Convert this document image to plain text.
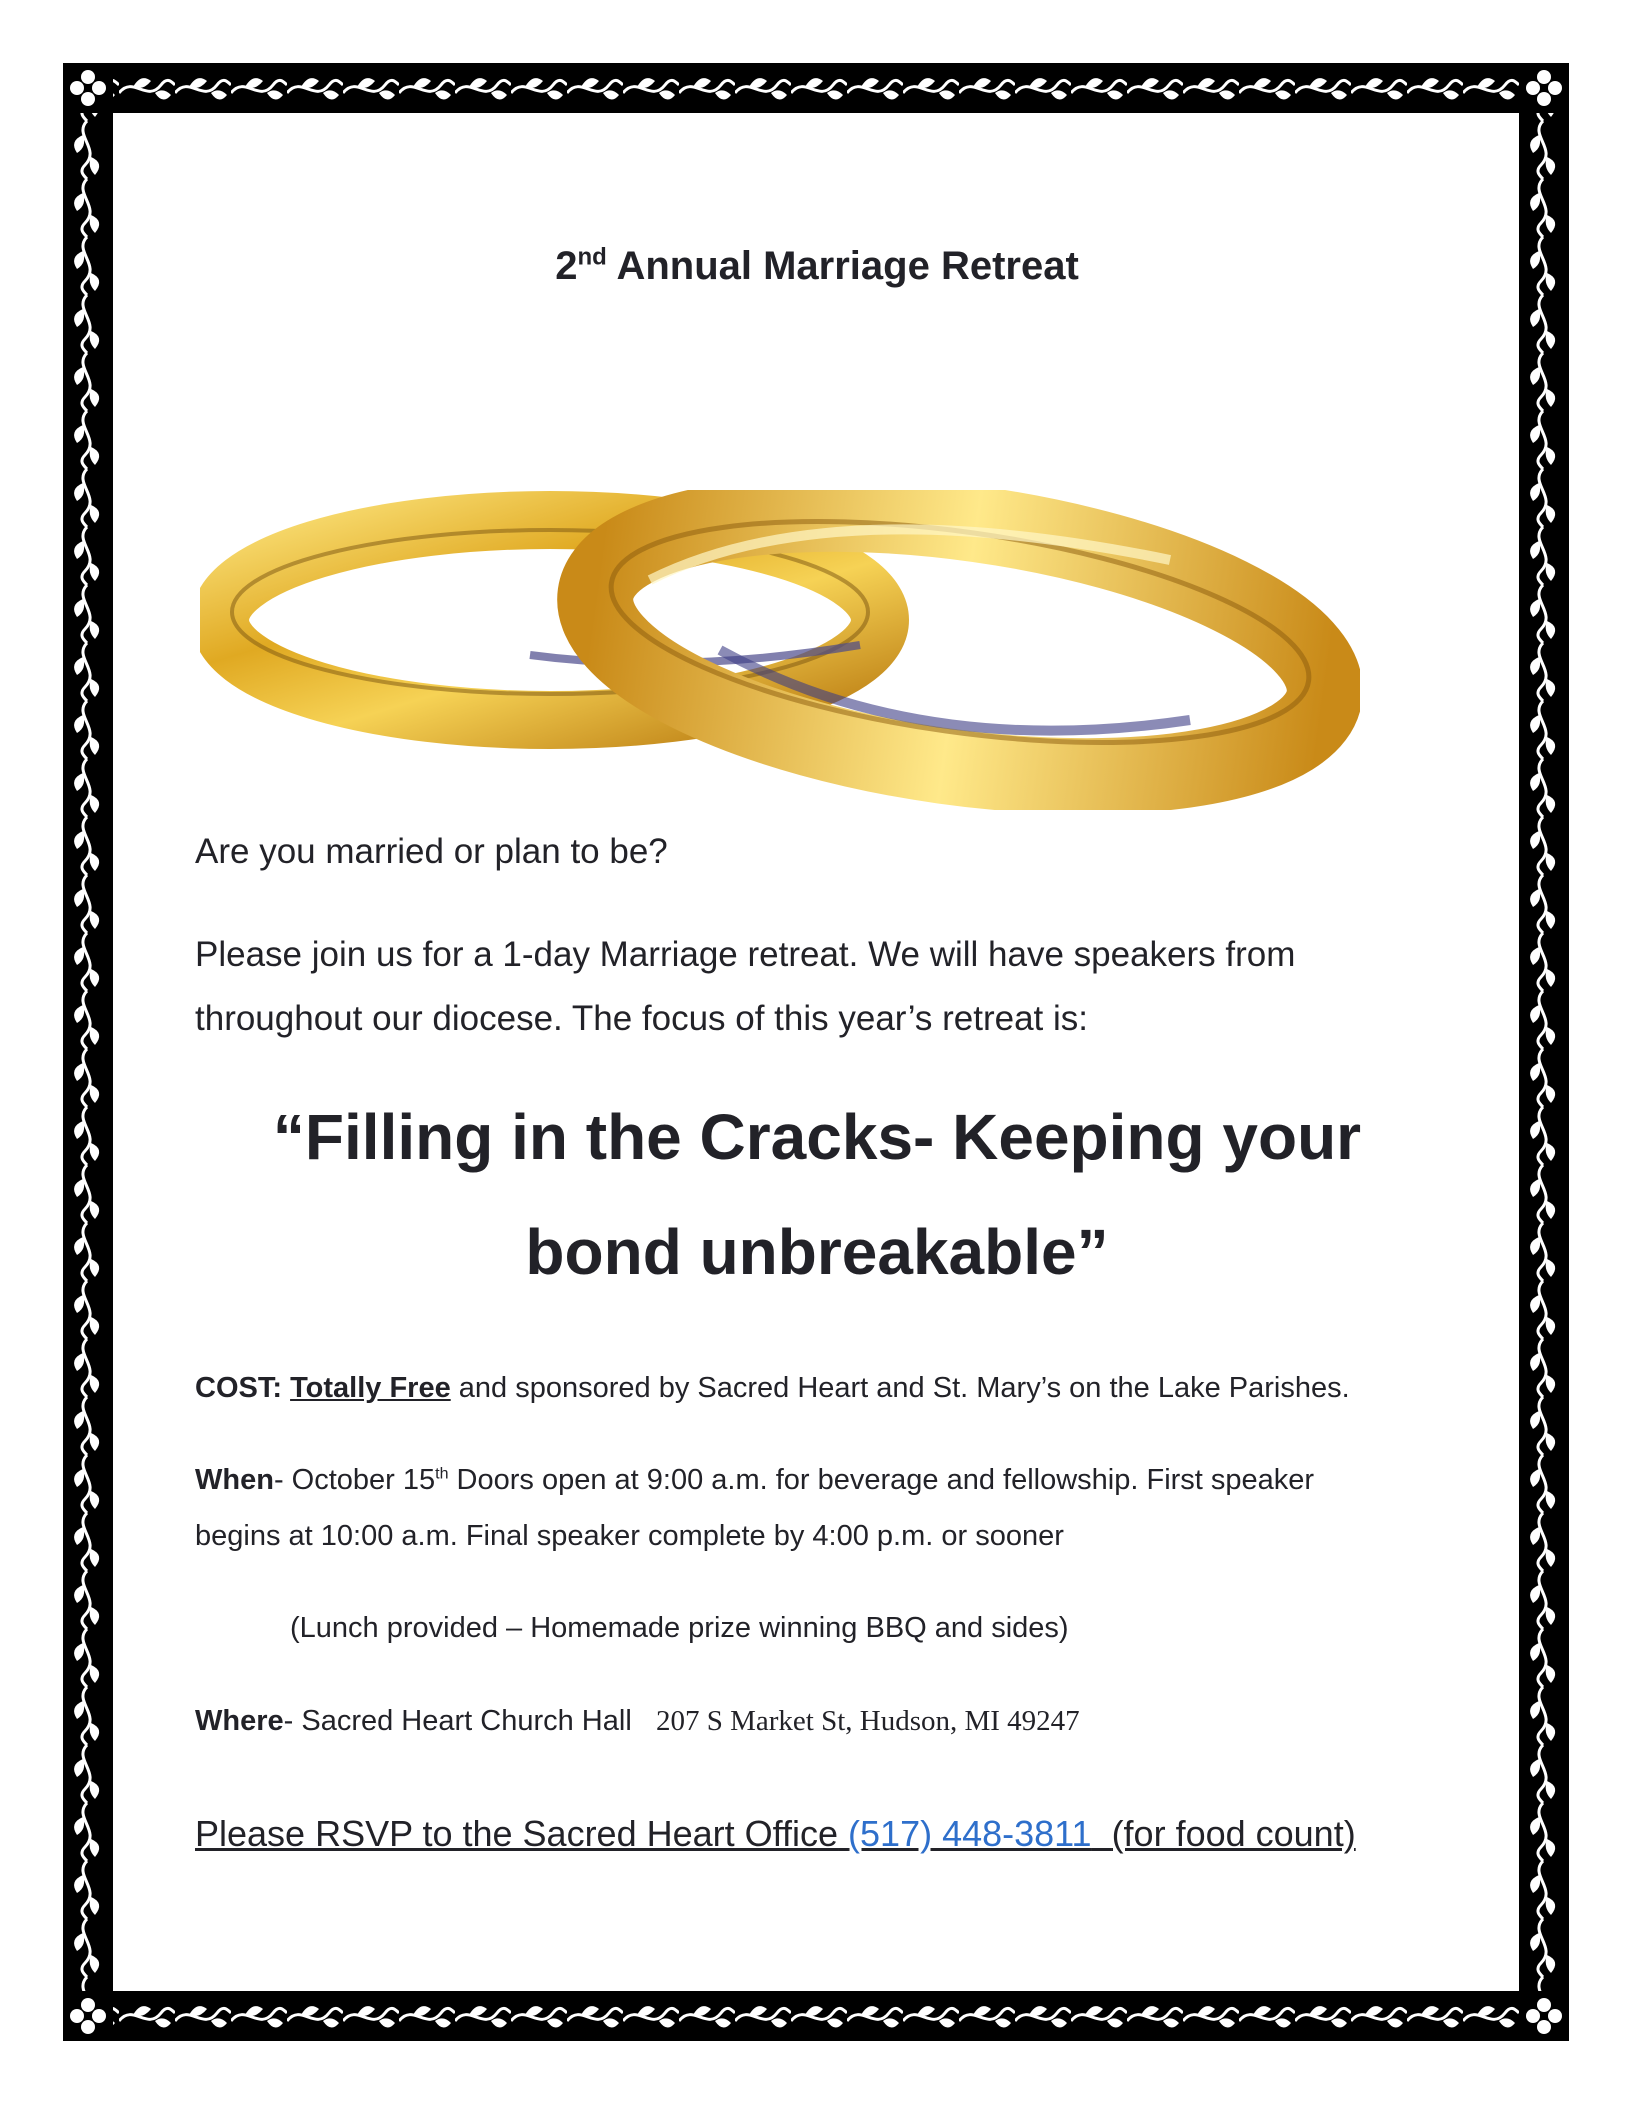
2nd Annual Marriage Retreat
Are you married or plan to be?
Please join us for a 1-day Marriage retreat. We will have speakers from
throughout our diocese. The focus of this year’s retreat is:
“Filling in the Cracks- Keeping your
bond unbreakable”
COST: Totally Free and sponsored by Sacred Heart and St. Mary’s on the Lake Parishes.
When- October 15th Doors open at 9:00 a.m. for beverage and fellowship. First speaker
begins at 10:00 a.m. Final speaker complete by 4:00 p.m. or sooner
(Lunch provided – Homemade prize winning BBQ and sides)
Where- Sacred Heart Church Hall 207 S Market St, Hudson, MI 49247
Please RSVP to the Sacred Heart Office (517) 448-3811 (for food count)
